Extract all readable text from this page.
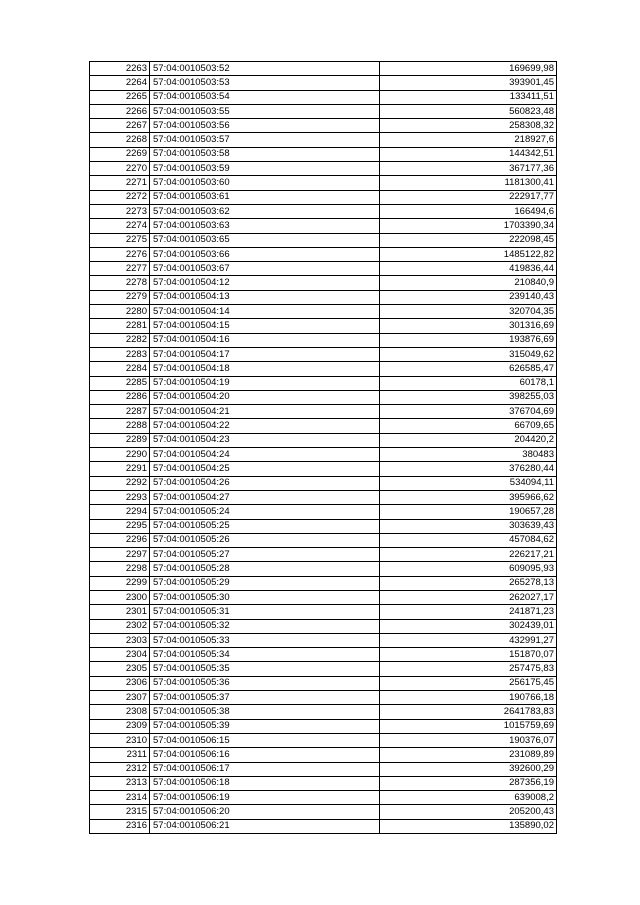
2263	57:04:0010503:52	169699,98
2264	57:04:0010503:53	393901,45
2265	57:04:0010503:54	133411,51
2266	57:04:0010503:55	560823,48
2267	57:04:0010503:56	258308,32
2268	57:04:0010503:57	218927,6
2269	57:04:0010503:58	144342,51
2270	57:04:0010503:59	367177,36
2271	57:04:0010503:60	1181300,41
2272	57:04:0010503:61	222917,77
2273	57:04:0010503:62	166494,6
2274	57:04:0010503:63	1703390,34
2275	57:04:0010503:65	222098,45
2276	57:04:0010503:66	1485122,82
2277	57:04:0010503:67	419836,44
2278	57:04:0010504:12	210840,9
2279	57:04:0010504:13	239140,43
2280	57:04:0010504:14	320704,35
2281	57:04:0010504:15	301316,69
2282	57:04:0010504:16	193876,69
2283	57:04:0010504:17	315049,62
2284	57:04:0010504:18	626585,47
2285	57:04:0010504:19	60178,1
2286	57:04:0010504:20	398255,03
2287	57:04:0010504:21	376704,69
2288	57:04:0010504:22	66709,65
2289	57:04:0010504:23	204420,2
2290	57:04:0010504:24	380483
2291	57:04:0010504:25	376280,44
2292	57:04:0010504:26	534094,11
2293	57:04:0010504:27	395966,62
2294	57:04:0010505:24	190657,28
2295	57:04:0010505:25	303639,43
2296	57:04:0010505:26	457084,62
2297	57:04:0010505:27	226217,21
2298	57:04:0010505:28	609095,93
2299	57:04:0010505:29	265278,13
2300	57:04:0010505:30	262027,17
2301	57:04:0010505:31	241871,23
2302	57:04:0010505:32	302439,01
2303	57:04:0010505:33	432991,27
2304	57:04:0010505:34	151870,07
2305	57:04:0010505:35	257475,83
2306	57:04:0010505:36	256175,45
2307	57:04:0010505:37	190766,18
2308	57:04:0010505:38	2641783,83
2309	57:04:0010505:39	1015759,69
2310	57:04:0010506:15	190376,07
2311	57:04:0010506:16	231089,89
2312	57:04:0010506:17	392600,29
2313	57:04:0010506:18	287356,19
2314	57:04:0010506:19	639008,2
2315	57:04:0010506:20	205200,43
2316	57:04:0010506:21	135890,02
